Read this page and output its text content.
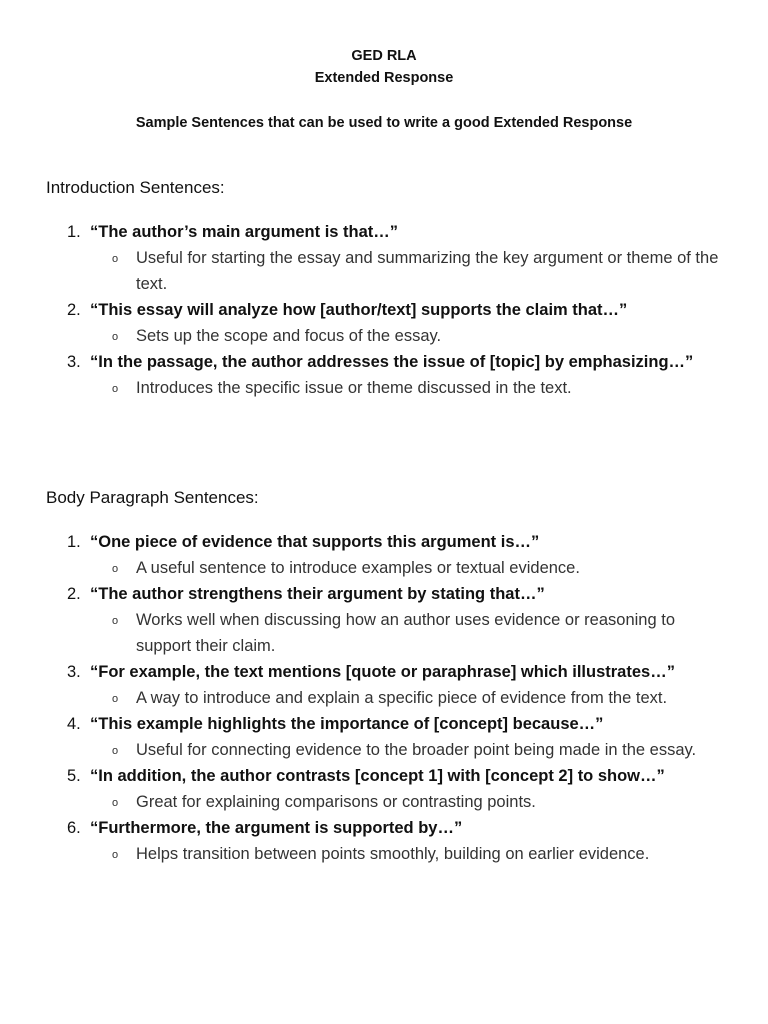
GED RLA
Extended Response
Sample Sentences that can be used to write a good Extended Response
Introduction Sentences:
1. “The author’s main argument is that…”
o Useful for starting the essay and summarizing the key argument or theme of the text.
2. “This essay will analyze how [author/text] supports the claim that…”
o Sets up the scope and focus of the essay.
3. “In the passage, the author addresses the issue of [topic] by emphasizing…”
o Introduces the specific issue or theme discussed in the text.
Body Paragraph Sentences:
1. “One piece of evidence that supports this argument is…”
o A useful sentence to introduce examples or textual evidence.
2. “The author strengthens their argument by stating that…”
o Works well when discussing how an author uses evidence or reasoning to support their claim.
3. “For example, the text mentions [quote or paraphrase] which illustrates…”
o A way to introduce and explain a specific piece of evidence from the text.
4. “This example highlights the importance of [concept] because…”
o Useful for connecting evidence to the broader point being made in the essay.
5. “In addition, the author contrasts [concept 1] with [concept 2] to show…”
o Great for explaining comparisons or contrasting points.
6. “Furthermore, the argument is supported by…”
o Helps transition between points smoothly, building on earlier evidence.
